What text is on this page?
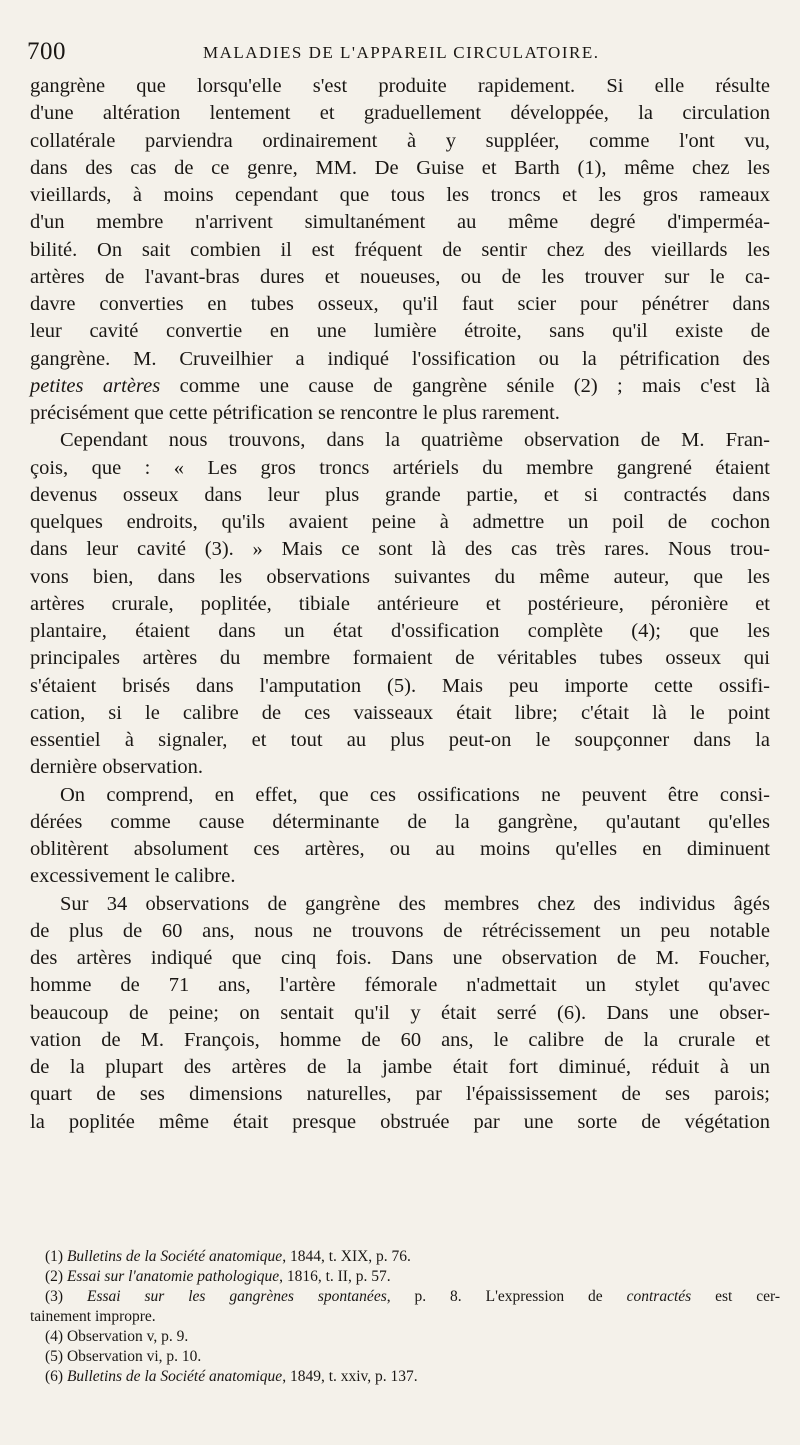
700	MALADIES DE L'APPAREIL CIRCULATOIRE.
gangrène que lorsqu'elle s'est produite rapidement. Si elle résulte
d'une altération lentement et graduellement développée, la circulation
collatérale parviendra ordinairement à y suppléer, comme l'ont vu,
dans des cas de ce genre, MM. De Guise et Barth (1), même chez les
vieillards, à moins cependant que tous les troncs et les gros rameaux
d'un membre n'arrivent simultanément au même degré d'imperméa-
bilité. On sait combien il est fréquent de sentir chez des vieillards les
artères de l'avant-bras dures et noueuses, ou de les trouver sur le ca-
davre converties en tubes osseux, qu'il faut scier pour pénétrer dans
leur cavité convertie en une lumière étroite, sans qu'il existe de
gangrène. M. Cruveilhier a indiqué l'ossification ou la pétrification des
petites artères comme une cause de gangrène sénile (2) ; mais c'est là
précisément que cette pétrification se rencontre le plus rarement.
Cependant nous trouvons, dans la quatrième observation de M. Fran-
çois, que : « Les gros troncs artériels du membre gangrené étaient
devenus osseux dans leur plus grande partie, et si contractés dans
quelques endroits, qu'ils avaient peine à admettre un poil de cochon
dans leur cavité (3). » Mais ce sont là des cas très rares. Nous trou-
vons bien, dans les observations suivantes du même auteur, que les
artères crurale, poplitée, tibiale antérieure et postérieure, péronière et
plantaire, étaient dans un état d'ossification complète (4); que les
principales artères du membre formaient de véritables tubes osseux qui
s'étaient brisés dans l'amputation (5). Mais peu importe cette ossifi-
cation, si le calibre de ces vaisseaux était libre; c'était là le point
essentiel à signaler, et tout au plus peut-on le soupçonner dans la
dernière observation.
On comprend, en effet, que ces ossifications ne peuvent être consi-
dérées comme cause déterminante de la gangrène, qu'autant qu'elles
oblitèrent absolument ces artères, ou au moins qu'elles en diminuent
excessivement le calibre.
Sur 34 observations de gangrène des membres chez des individus âgés
de plus de 60 ans, nous ne trouvons de rétrécissement un peu notable
des artères indiqué que cinq fois. Dans une observation de M. Foucher,
homme de 71 ans, l'artère fémorale n'admettait un stylet qu'avec
beaucoup de peine; on sentait qu'il y était serré (6). Dans une obser-
vation de M. François, homme de 60 ans, le calibre de la crurale et
de la plupart des artères de la jambe était fort diminué, réduit à un
quart de ses dimensions naturelles, par l'épaississement de ses parois;
la poplitée même était presque obstruée par une sorte de végétation
(1) Bulletins de la Société anatomique, 1844, t. XIX, p. 76.
(2) Essai sur l'anatomie pathologique, 1816, t. II, p. 57.
(3) Essai sur les gangrènes spontanées, p. 8. L'expression de contractés est cer-
tainement impropre.
(4) Observation v, p. 9.
(5) Observation vi, p. 10.
(6) Bulletins de la Société anatomique, 1849, t. xxiv, p. 137.
